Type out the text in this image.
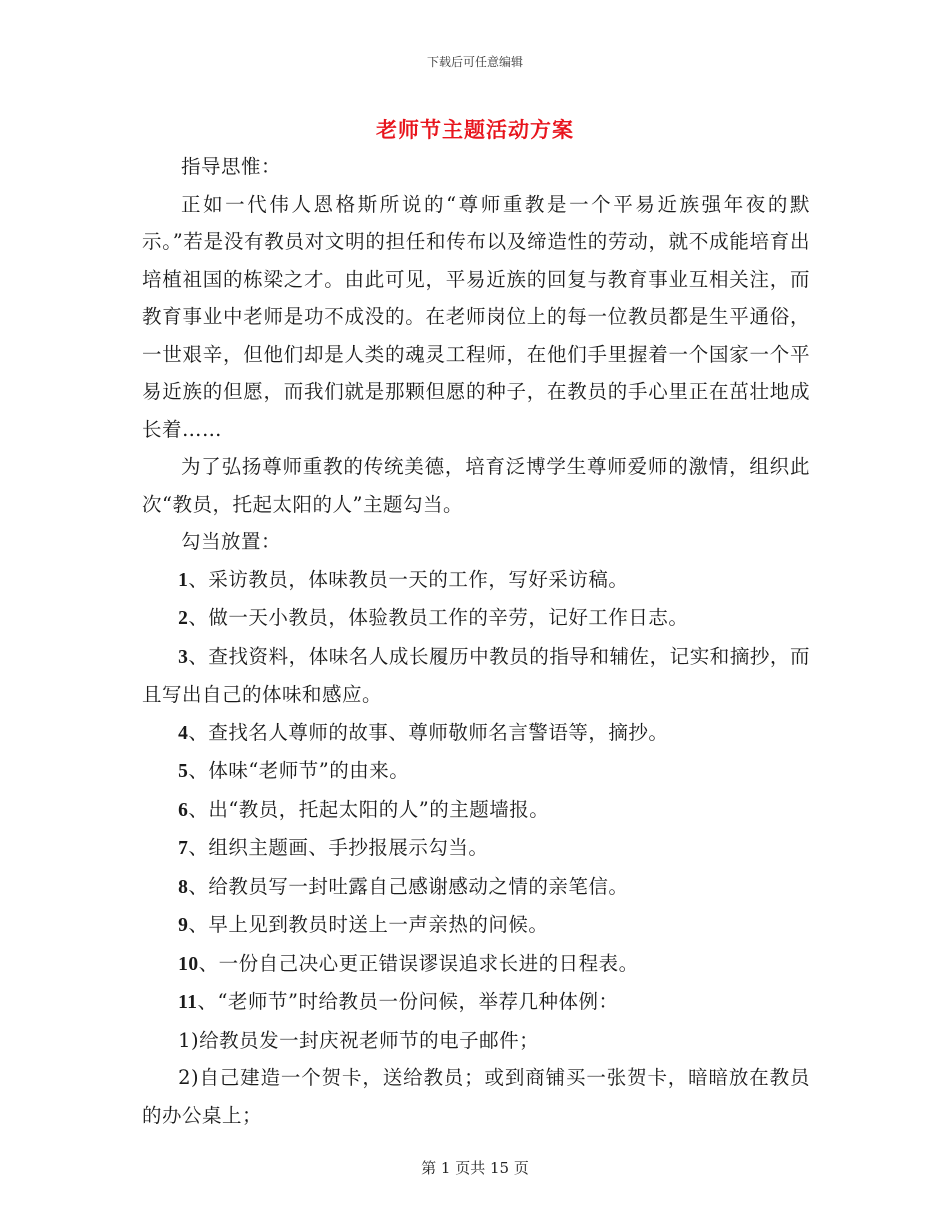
下载后可任意编辑
老师节主题活动方案

指导思惟：

正如一代伟人恩格斯所说的“尊师重教是一个平易近族强年夜的默示。”若是没有教员对文明的担任和传布以及缔造性的劳动，就不成能培育出培植祖国的栋梁之才。由此可见，平易近族的回复与教育事业互相关注，而教育事业中老师是功不成没的。在老师岗位上的每一位教员都是生平通俗，一世艰辛，但他们却是人类的魂灵工程师，在他们手里握着一个国家一个平易近族的但愿，而我们就是那颗但愿的种子，在教员的手心里正在茁壮地成长着……

为了弘扬尊师重教的传统美德，培育泛博学生尊师爱师的激情，组织此次“教员，托起太阳的人”主题勾当。

勾当放置：

1、采访教员，体味教员一天的工作，写好采访稿。

2、做一天小教员，体验教员工作的辛劳，记好工作日志。

3、查找资料，体味名人成长履历中教员的指导和辅佐，记实和摘抄，而且写出自己的体味和感应。

4、查找名人尊师的故事、尊师敬师名言警语等，摘抄。

5、体味“老师节”的由来。

6、出“教员，托起太阳的人”的主题墙报。

7、组织主题画、手抄报展示勾当。

8、给教员写一封吐露自己感谢感动之情的亲笔信。

9、早上见到教员时送上一声亲热的问候。

10、一份自己决心更正错误谬误追求长进的日程表。

11、“老师节”时给教员一份问候，举荐几种体例：

1)给教员发一封庆祝老师节的电子邮件；

2)自己建造一个贺卡，送给教员；或到商铺买一张贺卡，暗暗放在教员的办公桌上；

第 1 页共 15 页
